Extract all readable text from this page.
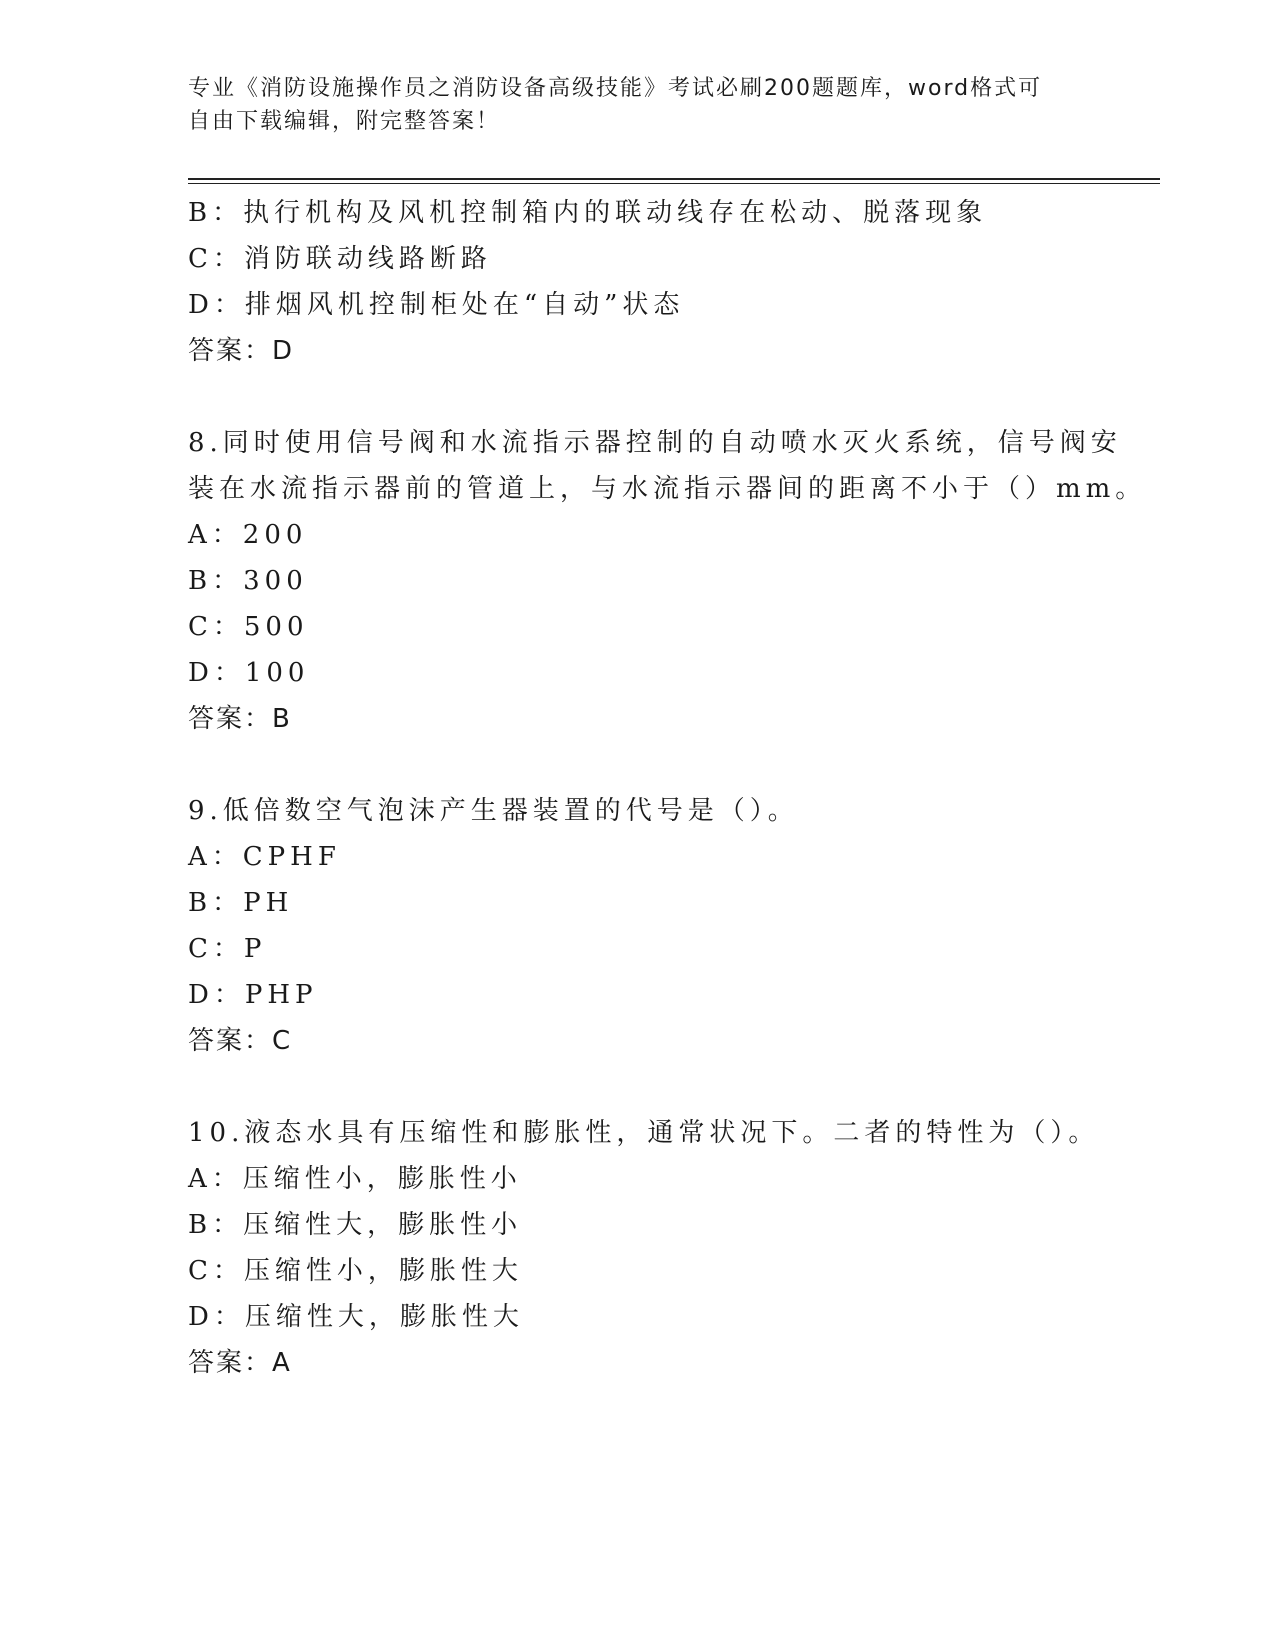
专业《消防设施操作员之消防设备高级技能》考试必刷200题题库，word格式可
自由下载编辑，附完整答案！
B：执行机构及风机控制箱内的联动线存在松动、脱落现象
C：消防联动线路断路
D：排烟风机控制柜处在“自动”状态
答案：D
8.同时使用信号阀和水流指示器控制的自动喷水灭火系统，信号阀安
装在水流指示器前的管道上，与水流指示器间的距离不小于（）mm。
A：200
B：300
C：500
D：100
答案：B
9.低倍数空气泡沫产生器装置的代号是（）。
A：CPHF
B：PH
C：P
D：PHP
答案：C
10.液态水具有压缩性和膨胀性，通常状况下。二者的特性为（）。
A：压缩性小，膨胀性小
B：压缩性大，膨胀性小
C：压缩性小，膨胀性大
D：压缩性大，膨胀性大
答案：A
